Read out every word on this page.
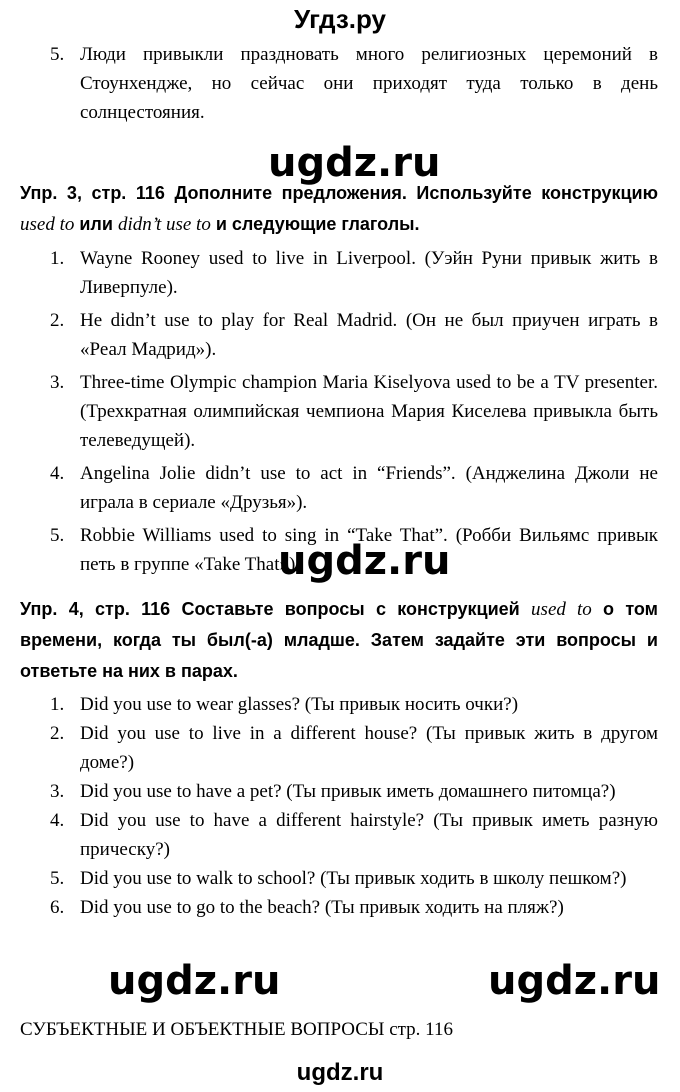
Угдз.ру
5. Люди привыкли праздновать много религиозных церемоний в Стоунхендже, но сейчас они приходят туда только в день солнцестояния.
ugdz.ru
Упр. 3, стр. 116 Дополните предложения. Используйте конструкцию used to или didn’t use to и следующие глаголы.
1. Wayne Rooney used to live in Liverpool. (Уэйн Руни привык жить в Ливерпуле).
2. He didn’t use to play for Real Madrid. (Он не был приучен играть в «Реал Мадрид»).
3. Three-time Olympic champion Maria Kiselyova used to be a TV presenter. (Трехкратная олимпийская чемпиона Мария Киселева привыкла быть телеведущей).
4. Angelina Jolie didn’t use to act in “Friends”. (Анджелина Джоли не играла в сериале «Друзья»).
5. Robbie Williams used to sing in “Take That”. (Робби Вильямс привык петь в группе «Take That»).
ugdz.ru
Упр. 4, стр. 116 Составьте вопросы с конструкцией used to о том времени, когда ты был(-а) младше. Затем задайте эти вопросы и ответьте на них в парах.
1. Did you use to wear glasses? (Ты привык носить очки?)
2. Did you use to live in a different house? (Ты привык жить в другом доме?)
3. Did you use to have a pet? (Ты привык иметь домашнего питомца?)
4. Did you use to have a different hairstyle? (Ты привык иметь разную прическу?)
5. Did you use to walk to school? (Ты привык ходить в школу пешком?)
6. Did you use to go to the beach? (Ты привык ходить на пляж?)
ugdz.ru	ugdz.ru
СУБЪЕКТНЫЕ И ОБЪЕКТНЫЕ ВОПРОСЫ стр. 116
ugdz.ru
